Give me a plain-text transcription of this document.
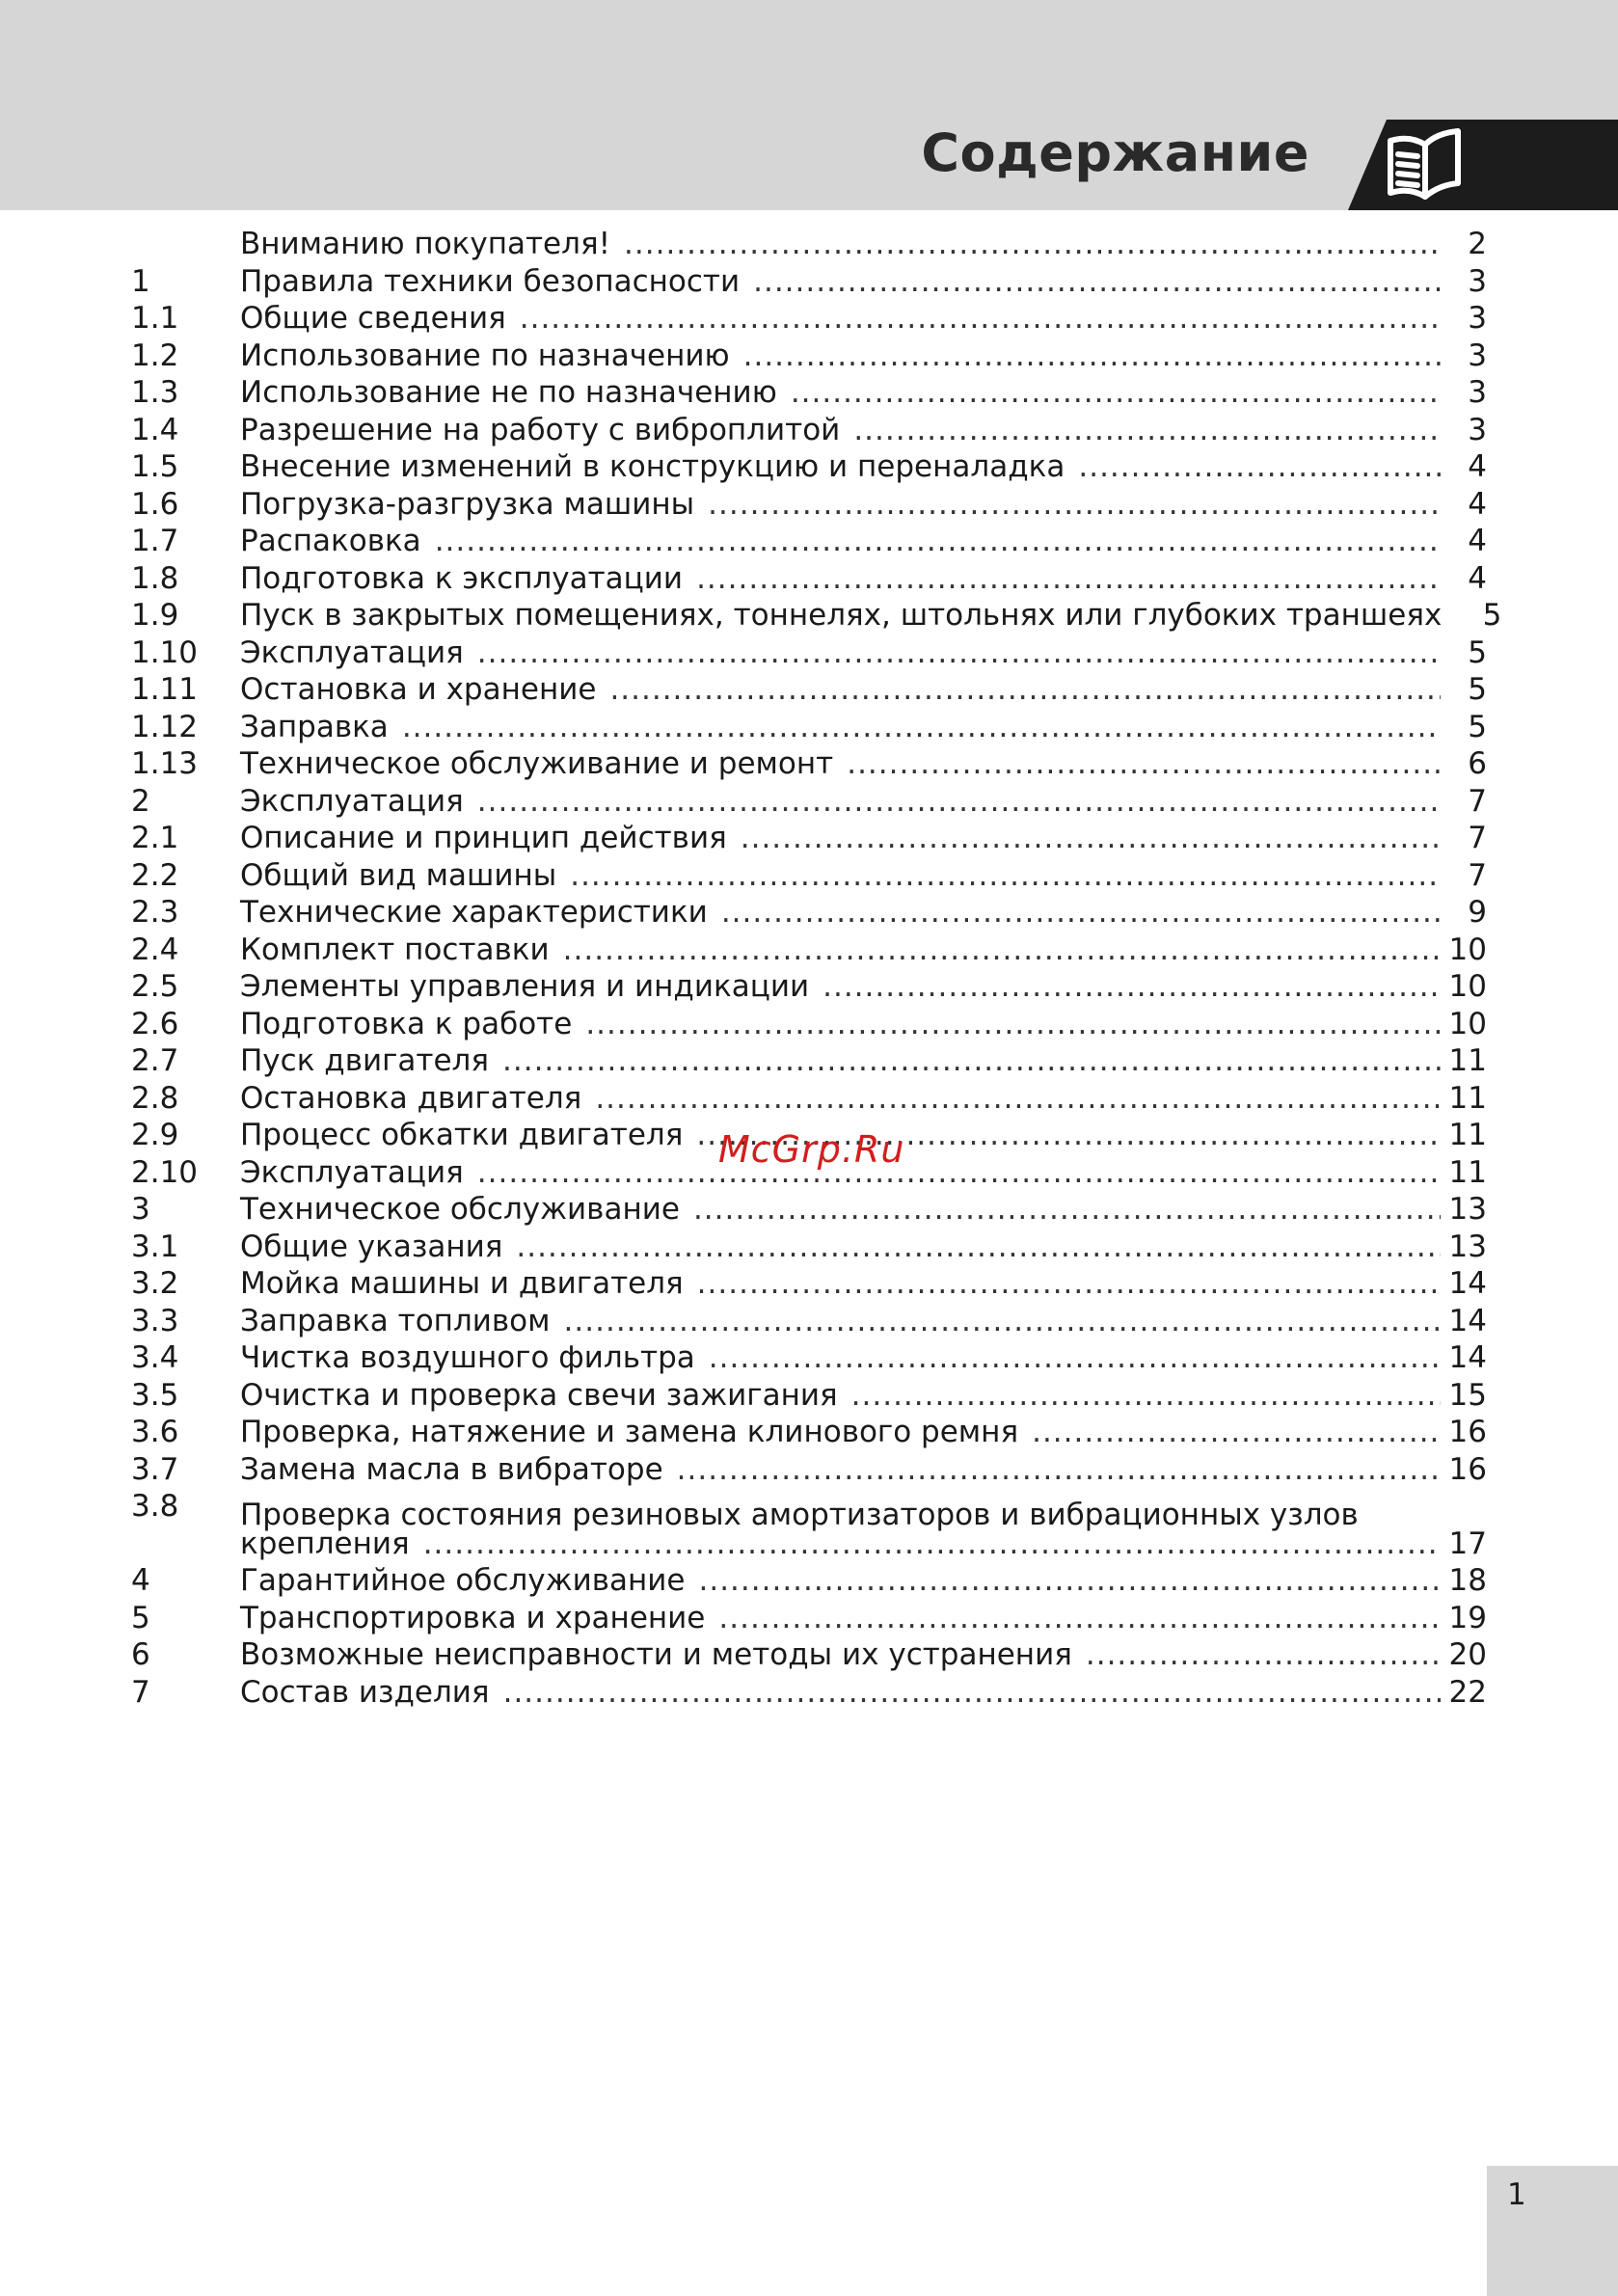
Содержание
Вниманию покупателя! .....	2
1	Правила техники безопасности .....	3
1.1 Общие сведения .....	3
1.2 Использование по назначению .....	3
1.3 Использование не по назначению .....	3
1.4 Разрешение на работу с виброплитой .....	3
1.5 Внесение изменений в конструкцию и переналадка .....	4
1.6 Погрузка-разгрузка машины .....	4
1.7 Распаковка .....	4
1.8 Подготовка к эксплуатации .....	4
1.9 Пуск в закрытых помещениях, тоннелях, штольнях или глубоких траншеях	5
1.10 Эксплуатация .....	5
1.11 Остановка и хранение .....	5
1.12 Заправка .....	5
1.13 Техническое обслуживание и ремонт .....	6
2	Эксплуатация .....	7
2.1 Описание и принцип действия .....	7
2.2 Общий вид машины .....	7
2.3 Технические характеристики .....	9
2.4 Комплект поставки .....	10
2.5 Элементы управления и индикации .....	10
2.6 Подготовка к работе .....	10
2.7 Пуск двигателя .....	11
2.8 Остановка двигателя .....	11
2.9 Процесс обкатки двигателя .....	11
2.10 Эксплуатация .....	11
3	Техническое обслуживание .....	13
3.1 Общие указания .....	13
3.2 Мойка машины и двигателя .....	14
3.3 Заправка топливом .....	14
3.4 Чистка воздушного фильтра .....	14
3.5 Очистка и проверка свечи зажигания .....	15
3.6 Проверка, натяжение и замена клинового ремня .....	16
3.7 Замена масла в вибраторе .....	16
3.8 Проверка состояния резиновых амортизаторов и вибрационных узлов
крепления .....	17
4	Гарантийное обслуживание .....	18
5	Транспортировка и хранение .....	19
6	Возможные неисправности и методы их устранения .....	20
7	Состав изделия .....	22
McGrp.Ru
1
